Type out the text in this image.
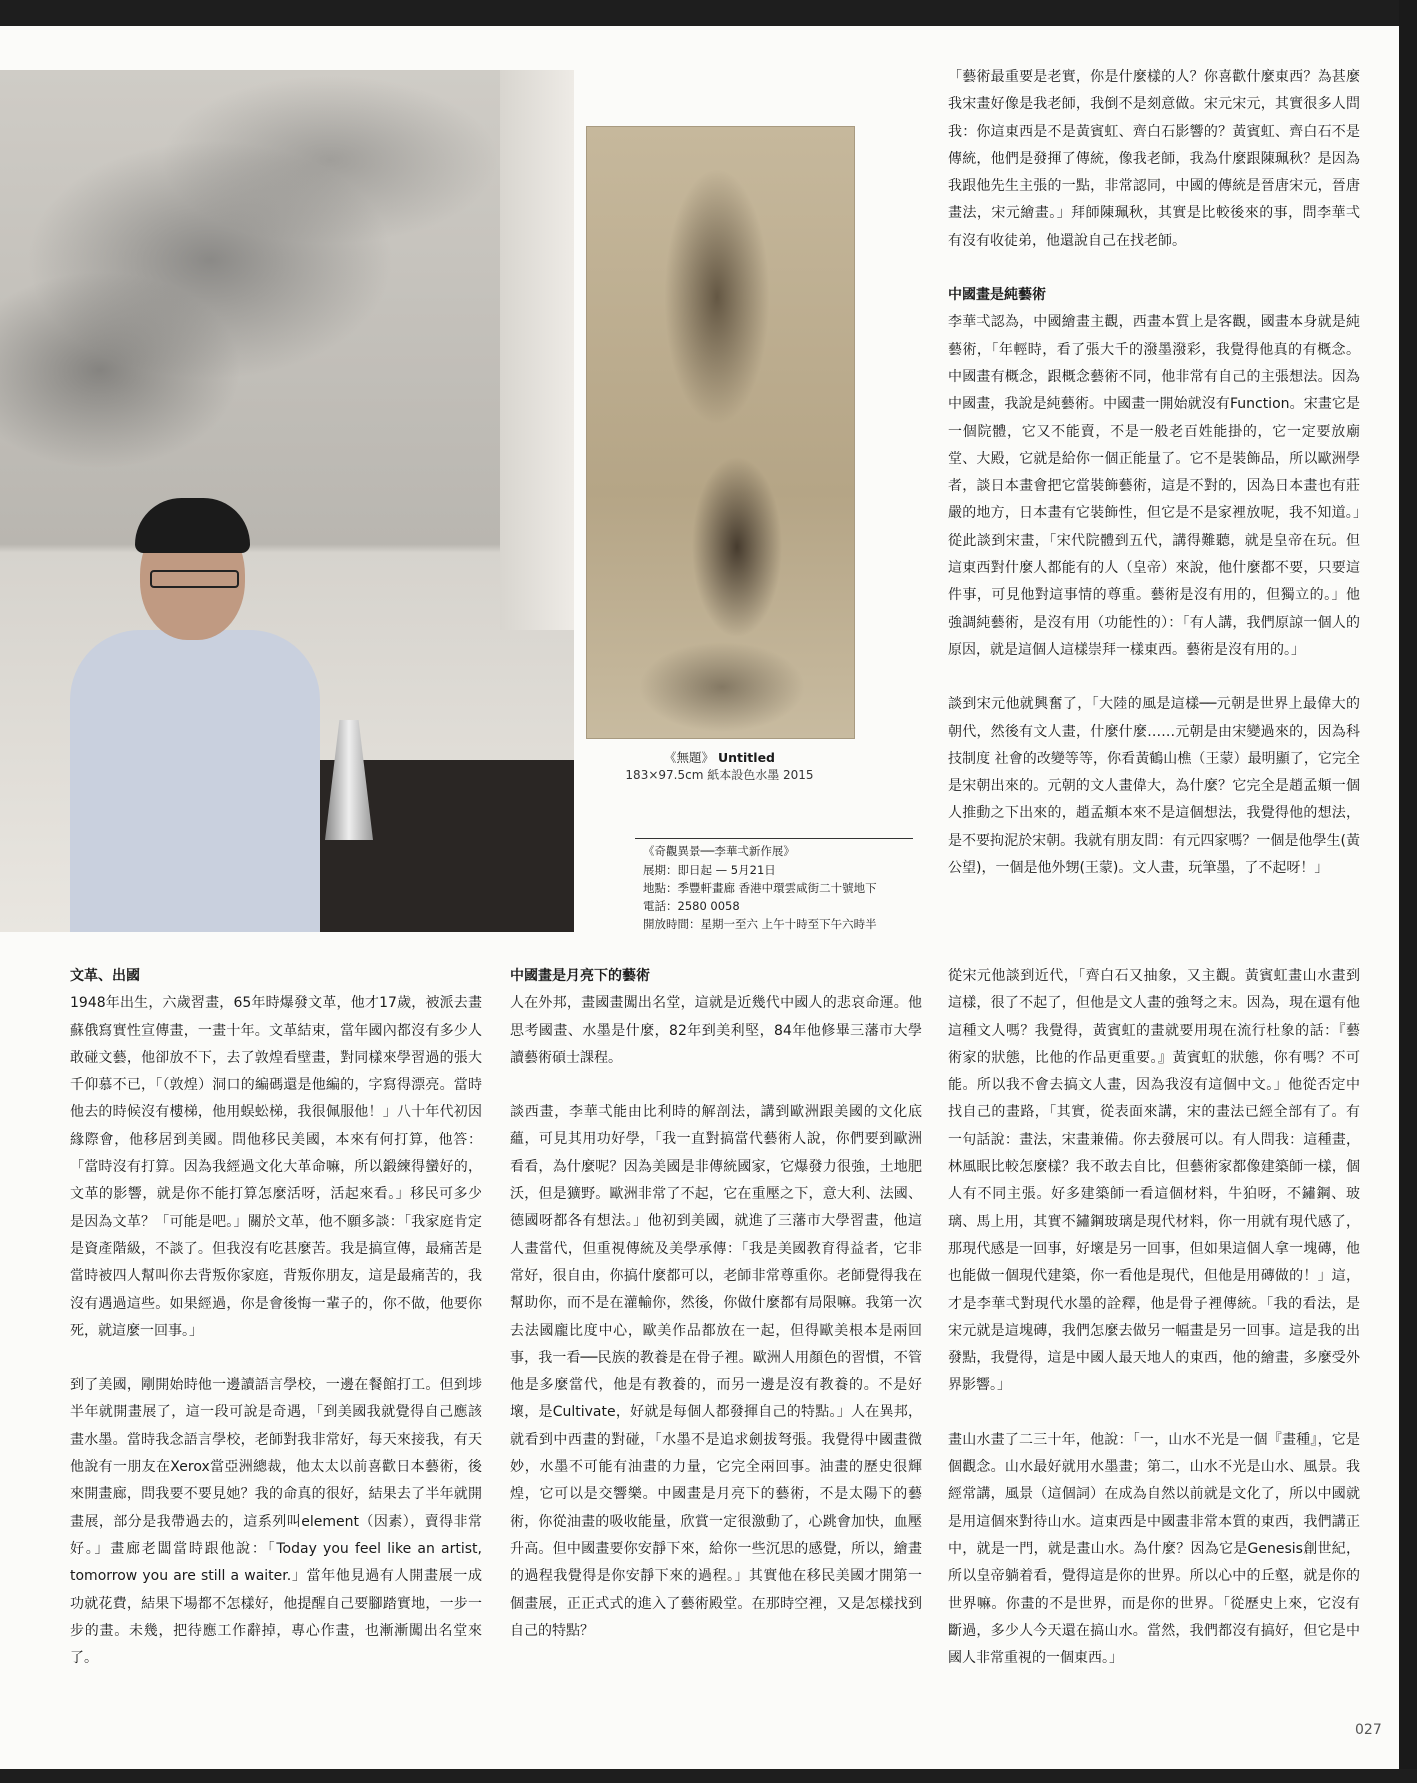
《無題》 Untitled
183×97.5cm 紙本設色水墨 2015
《奇觀異景──李華弌新作展》
展期：即日起 — 5月21日
地點：季豐軒畫廊 香港中環雲咸街二十號地下
電話：2580 0058
開放時間：星期一至六 上午十時至下午六時半

「藝術最重要是老實，你是什麼樣的人？你喜歡什麼東西？為甚麼我宋畫好像是我老師，我倒不是刻意做。宋元宋元，其實很多人問我：你這東西是不是黃賓虹、齊白石影響的？黃賓虹、齊白石不是傳統，他們是發揮了傳統，像我老師，我為什麼跟陳珮秋？是因為我跟他先生主張的一點，非常認同，中國的傳統是晉唐宋元，晉唐畫法，宋元繪畫。」拜師陳珮秋，其實是比較後來的事，問李華弌有沒有收徒弟，他還說自己在找老師。

中國畫是純藝術

李華弌認為，中國繪畫主觀，西畫本質上是客觀，國畫本身就是純藝術，「年輕時，看了張大千的潑墨潑彩，我覺得他真的有概念。中國畫有概念，跟概念藝術不同，他非常有自己的主張想法。因為中國畫，我說是純藝術。中國畫一開始就沒有Function。宋畫它是一個院體，它又不能賣，不是一般老百姓能掛的，它一定要放廟堂、大殿，它就是給你一個正能量了。它不是裝飾品，所以歐洲學者，談日本畫會把它當裝飾藝術，這是不對的，因為日本畫也有莊嚴的地方，日本畫有它裝飾性，但它是不是家裡放呢，我不知道。」從此談到宋畫，「宋代院體到五代，講得難聽，就是皇帝在玩。但這東西對什麼人都能有的人（皇帝）來說，他什麼都不要，只要這件事，可見他對這事情的尊重。藝術是沒有用的，但獨立的。」他強調純藝術，是沒有用（功能性的）：「有人講，我們原諒一個人的原因，就是這個人這樣崇拜一樣東西。藝術是沒有用的。」

談到宋元他就興奮了，「大陸的風是這樣──元朝是世界上最偉大的朝代，然後有文人畫，什麼什麼……元朝是由宋變過來的，因為科技制度 社會的改變等等，你看黃鶴山樵（王蒙）最明顯了，它完全是宋朝出來的。元朝的文人畫偉大，為什麼？它完全是趙孟頫一個人推動之下出來的，趙孟頫本來不是這個想法，我覺得他的想法，是不要拘泥於宋朝。我就有朋友問：有元四家嗎？一個是他學生(黃公望)，一個是他外甥(王蒙)。文人畫，玩筆墨，了不起呀！」

文革、出國

1948年出生，六歲習畫，65年時爆發文革，他才17歲，被派去畫蘇俄寫實性宣傳畫，一畫十年。文革結束，當年國內都沒有多少人敢碰文藝，他卻放不下，去了敦煌看壁畫，對同樣來學習過的張大千仰慕不已，「（敦煌）洞口的編碼還是他編的，字寫得漂亮。當時他去的時候沒有樓梯，他用蜈蚣梯，我很佩服他！」八十年代初因緣際會，他移居到美國。問他移民美國，本來有何打算，他答：「當時沒有打算。因為我經過文化大革命嘛，所以鍛練得蠻好的，文革的影響，就是你不能打算怎麼活呀，活起來看。」移民可多少是因為文革？「可能是吧。」關於文革，他不願多談：「我家庭肯定是資產階級，不談了。但我沒有吃甚麼苦。我是搞宣傳，最痛苦是當時被四人幫叫你去背叛你家庭，背叛你朋友，這是最痛苦的，我沒有遇過這些。如果經過，你是會後悔一輩子的，你不做，他要你死，就這麼一回事。」

到了美國，剛開始時他一邊讀語言學校，一邊在餐館打工。但到埗半年就開畫展了，這一段可說是奇遇，「到美國我就覺得自己應該畫水墨。當時我念語言學校，老師對我非常好，每天來接我，有天他說有一朋友在Xerox當亞洲總裁，他太太以前喜歡日本藝術，後來開畫廊，問我要不要見她？我的命真的很好，結果去了半年就開畫展，部分是我帶過去的，這系列叫element（因素），賣得非常好。」畫廊老闆當時跟他說：「Today you feel like an artist, tomorrow you are still a waiter.」當年他見過有人開畫展一成功就花費，結果下場都不怎樣好，他提醒自己要腳踏實地，一步一步的畫。未幾，把待應工作辭掉，專心作畫，也漸漸闖出名堂來了。

中國畫是月亮下的藝術

人在外邦，畫國畫闖出名堂，這就是近幾代中國人的悲哀命運。他思考國畫、水墨是什麼，82年到美利堅，84年他修畢三藩市大學讀藝術碩士課程。

談西畫，李華弌能由比利時的解剖法，講到歐洲跟美國的文化底蘊，可見其用功好學，「我一直對搞當代藝術人說，你們要到歐洲看看，為什麼呢？因為美國是非傳統國家，它爆發力很強，土地肥沃，但是獷野。歐洲非常了不起，它在重壓之下，意大利、法國、德國呀都各有想法。」他初到美國，就進了三藩市大學習畫，他這人畫當代，但重視傳統及美學承傳：「我是美國教育得益者，它非常好，很自由，你搞什麼都可以，老師非常尊重你。老師覺得我在幫助你，而不是在灌輸你，然後，你做什麼都有局限嘛。我第一次去法國龐比度中心，歐美作品都放在一起，但得歐美根本是兩回事，我一看──民族的教養是在骨子裡。歐洲人用顏色的習慣，不管他是多麼當代，他是有教養的，而另一邊是沒有教養的。不是好壞，是Cultivate，好就是每個人都發揮自己的特點。」人在異邦，就看到中西畫的對碰，「水墨不是追求劍拔弩張。我覺得中國畫微妙，水墨不可能有油畫的力量，它完全兩回事。油畫的歷史很輝煌，它可以是交響樂。中國畫是月亮下的藝術，不是太陽下的藝術，你從油畫的吸收能量，欣賞一定很激動了，心跳會加快，血壓升高。但中國畫要你安靜下來，給你一些沉思的感覺，所以，繪畫的過程我覺得是你安靜下來的過程。」其實他在移民美國才開第一個畫展，正正式式的進入了藝術殿堂。在那時空裡，又是怎樣找到自己的特點？

從宋元他談到近代，「齊白石又抽象，又主觀。黃賓虹畫山水畫到這樣，很了不起了，但他是文人畫的強弩之末。因為，現在還有他這種文人嗎？我覺得，黃賓虹的畫就要用現在流行杜象的話：『藝術家的狀態，比他的作品更重要。』黃賓虹的狀態，你有嗎？不可能。所以我不會去搞文人畫，因為我沒有這個中文。」他從否定中找自己的畫路，「其實，從表面來講，宋的畫法已經全部有了。有一句話說：畫法，宋畫兼備。你去發展可以。有人問我：這種畫，林風眠比較怎麼樣？我不敢去自比，但藝術家都像建築師一樣，個人有不同主張。好多建築師一看這個材料，牛狛呀，不鏽鋼、玻璃、馬上用，其實不鏽鋼玻璃是現代材料，你一用就有現代感了，那現代感是一回事，好壞是另一回事，但如果這個人拿一塊磚，他也能做一個現代建築，你一看他是現代，但他是用磚做的！」這，才是李華弌對現代水墨的詮釋，他是骨子裡傳統。「我的看法，是宋元就是這塊磚，我們怎麼去做另一幅畫是另一回事。這是我的出發點，我覺得，這是中國人最天地人的東西，他的繪畫，多麼受外界影響。」

畫山水畫了二三十年，他說：「一，山水不光是一個『畫種』，它是個觀念。山水最好就用水墨畫；第二，山水不光是山水、風景。我經常講，風景（這個詞）在成為自然以前就是文化了，所以中國就是用這個來對待山水。這東西是中國畫非常本質的東西，我們講正中，就是一門，就是畫山水。為什麼？因為它是Genesis創世紀，所以皇帝躺着看，覺得這是你的世界。所以心中的丘壑，就是你的世界嘛。你畫的不是世界，而是你的世界。「從歷史上來，它沒有斷過，多少人今天還在搞山水。當然，我們都沒有搞好，但它是中國人非常重視的一個東西。」

027
